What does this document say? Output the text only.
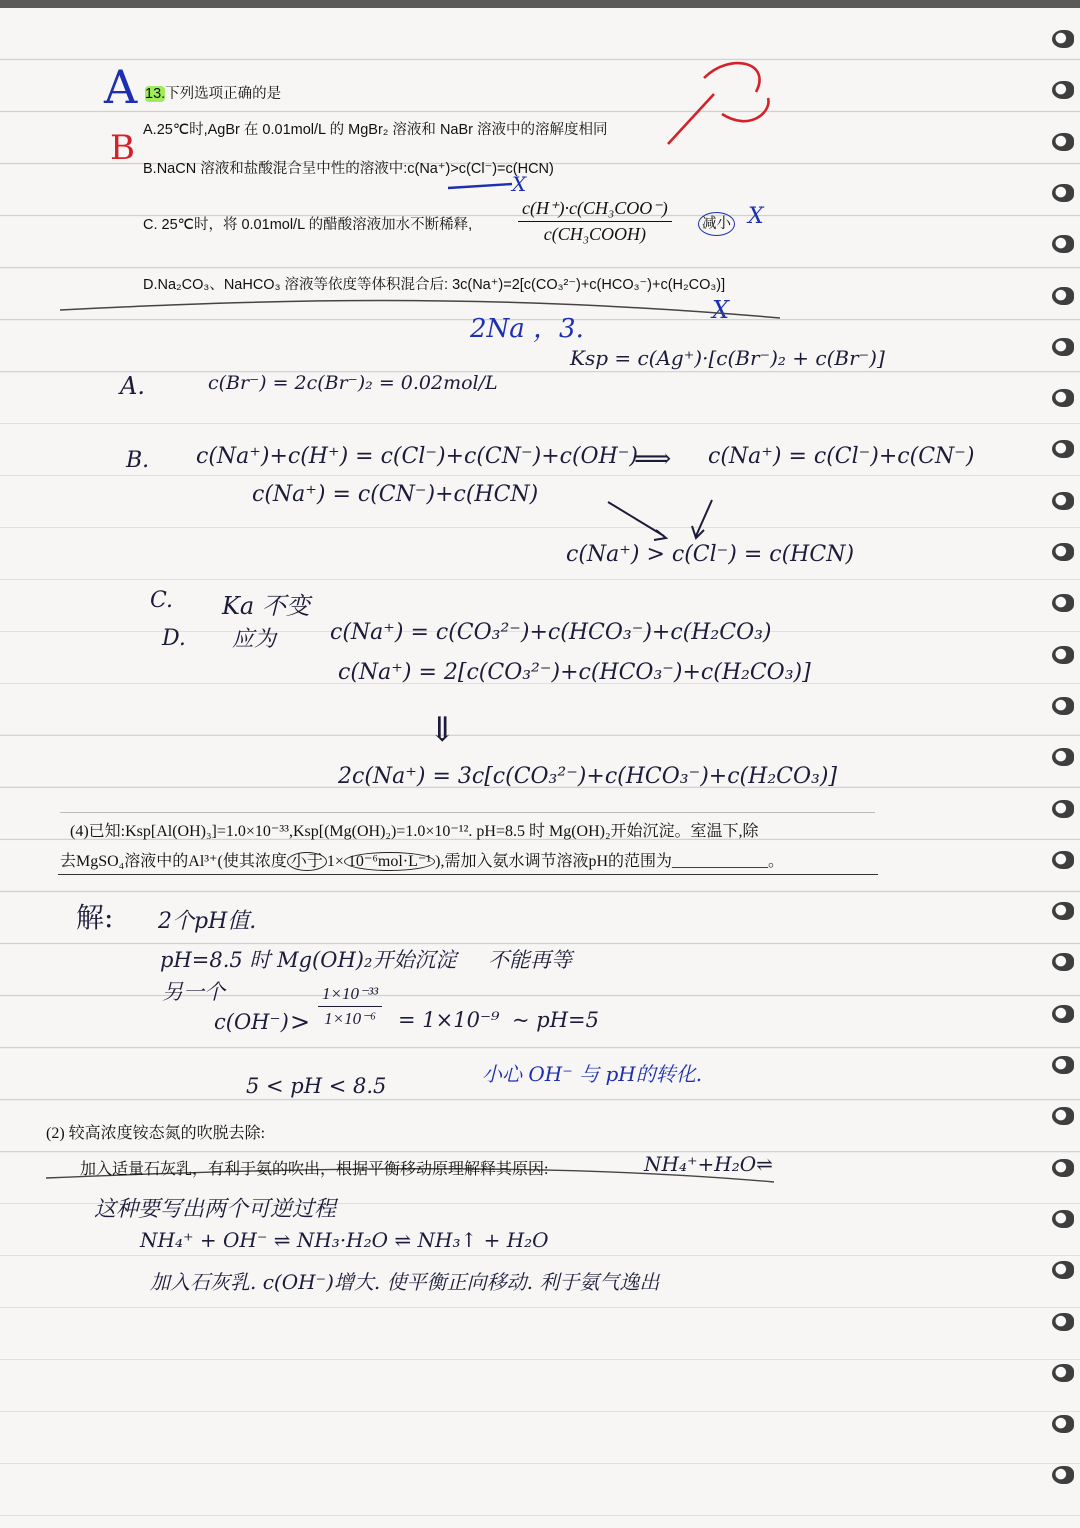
13.下列选项正确的是
A
B A.25℃时,AgBr 在 0.01mol/L 的 MgBr₂ 溶液和 NaBr 溶液中的溶解度相同
B.NaCN 溶液和盐酸混合呈中性的溶液中:c(Na⁺)>c(Cl⁻)=c(HCN)
X
C. 25℃时，将 0.01mol/L 的醋酸溶液加水不断稀释,
c(H⁺)·c(CH₃COO⁻)
c(CH₃COOH)	减小 X
D.Na₂CO₃、NaHCO₃ 溶液等依度等体积混合后: 3c(Na⁺)=2[c(CO₃²⁻)+c(HCO₃⁻)+c(H₂CO₃)]
X
2Na ，3.
A.	c(Br⁻) = 2c(Br⁻)₂ = 0.02mol/L
Ksp = c(Ag⁺)·[c(Br⁻)₂ + c(Br⁻)]
B. c(Na⁺)+c(H⁺) = c(Cl⁻)+c(CN⁻)+c(OH⁻)
⟹ c(Na⁺) = c(Cl⁻)+c(CN⁻)
c(Na⁺) = c(CN⁻)+c(HCN)
c(Na⁺) > c(Cl⁻) = c(HCN)
C. Ka 不变
D. 应为 c(Na⁺) = c(CO₃²⁻)+c(HCO₃⁻)+c(H₂CO₃)
c(Na⁺) = 2[c(CO₃²⁻)+c(HCO₃⁻)+c(H₂CO₃)]
⇓
2c(Na⁺) = 3c[c(CO₃²⁻)+c(HCO₃⁻)+c(H₂CO₃)]
(4)已知:Ksp[Al(OH)₃]=1.0×10⁻³³,Ksp[(Mg(OH)₂)=1.0×10⁻¹². pH=8.5 时 Mg(OH)₂开始沉淀。室温下,除
去MgSO₄溶液中的Al³⁺(使其浓度 小于 1× 10⁻⁶mol·L⁻¹ ),需加入氨水调节溶液pH的范围为____________。
解: 2个pH值.
pH=8.5 时 Mg(OH)₂开始沉淀 不能再等
另一个
$c(OH^-) > \frac{\text{1×10⁻³³}}{\text{1×10⁻⁶}} = 1\times 10^{-9}$ ~ pH=5
5 < pH < 8.5	小心 OH⁻ 与 pH的转化.
(2) 较高浓度铵态氮的吹脱去除:
加入适量石灰乳，有利于氨的吹出，根据平衡移动原理解释其原因:	NH₄⁺+H₂O⇌
这种要写出两个可逆过程
NH₄⁺ + OH⁻ ⇌ NH₃·H₂O ⇌ NH₃↑ + H₂O
加入石灰乳. c(OH⁻)增大. 使平衡正向移动. 利于氨气逸出
